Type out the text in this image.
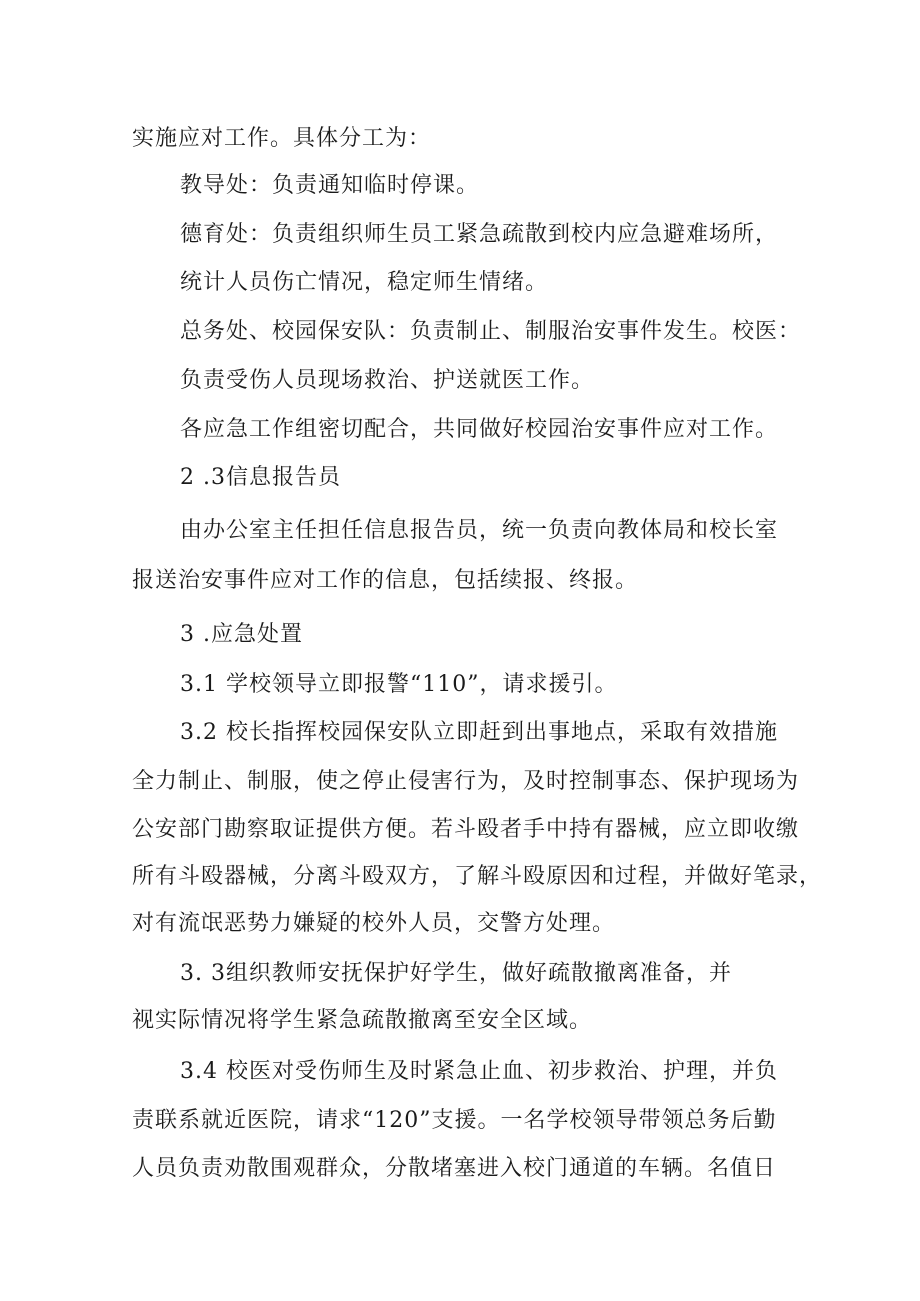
实施应对工作。具体分工为：
教导处：负责通知临时停课。
德育处：负责组织师生员工紧急疏散到校内应急避难场所，
统计人员伤亡情况，稳定师生情绪。
总务处、校园保安队：负责制止、制服治安事件发生。校医：
负责受伤人员现场救治、护送就医工作。
各应急工作组密切配合，共同做好校园治安事件应对工作。
2 .3信息报告员
由办公室主任担任信息报告员，统一负责向教体局和校长室
报送治安事件应对工作的信息，包括续报、终报。
3 .应急处置
3.1 学校领导立即报警“110”，请求援引。
3.2 校长指挥校园保安队立即赶到出事地点，采取有效措施
全力制止、制服，使之停止侵害行为，及时控制事态、保护现场为
公安部门勘察取证提供方便。若斗殴者手中持有器械，应立即收缴
所有斗殴器械，分离斗殴双方，了解斗殴原因和过程，并做好笔录，
对有流氓恶势力嫌疑的校外人员，交警方处理。
3. 3组织教师安抚保护好学生，做好疏散撤离准备，并
视实际情况将学生紧急疏散撤离至安全区域。
3.4 校医对受伤师生及时紧急止血、初步救治、护理，并负
责联系就近医院，请求“120”支援。一名学校领导带领总务后勤
人员负责劝散围观群众，分散堵塞进入校门通道的车辆。名值日
